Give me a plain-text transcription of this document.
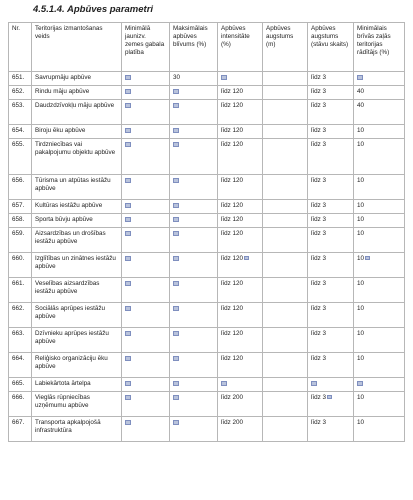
4.5.1.4. Apbūves parametri
Nr.	Teritorijas izmantošanas veids	Minimālā jaunizv. zemes gabala platība	Maksimālais apbūves blīvums (%)	Apbūves intensitāte (%)	Apbūves augstums (m)	Apbūves augstums (stāvu skaits)	Minimālais brīvās zaļās teritorijas rādītājs (%)
651.	Savrupmāju apbūve		30			līdz 3	
652.	Rindu māju apbūve			līdz 120		līdz 3	40
653.	Daudzdzīvokļu māju apbūve			līdz 120		līdz 3	40
654.	Biroju ēku apbūve			līdz 120		līdz 3	10
655.	Tirdzniecības vai pakalpojumu objektu apbūve			līdz 120		līdz 3	10
656.	Tūrisma un atpūtas iestāžu apbūve			līdz 120		līdz 3	10
657.	Kultūras iestāžu apbūve			līdz 120		līdz 3	10
658.	Sporta būvju apbūve			līdz 120		līdz 3	10
659.	Aizsardzības un drošības iestāžu apbūve			līdz 120		līdz 3	10
660.	Izglītības un zinātnes iestāžu apbūve			līdz 120		līdz 3	10
661.	Veselības aizsardzības iestāžu apbūve			līdz 120		līdz 3	10
662.	Sociālās aprūpes iestāžu apbūve			līdz 120		līdz 3	10
663.	Dzīvnieku aprūpes iestāžu apbūve			līdz 120		līdz 3	10
664.	Reliģisko organizāciju ēku apbūve			līdz 120		līdz 3	10
665.	Labiekārtota ārtelpa						
666.	Vieglās rūpniecības uzņēmumu apbūve			līdz 200		līdz 3	10
667.	Transporta apkalpojošā infrastruktūra			līdz 200		līdz 3	10
